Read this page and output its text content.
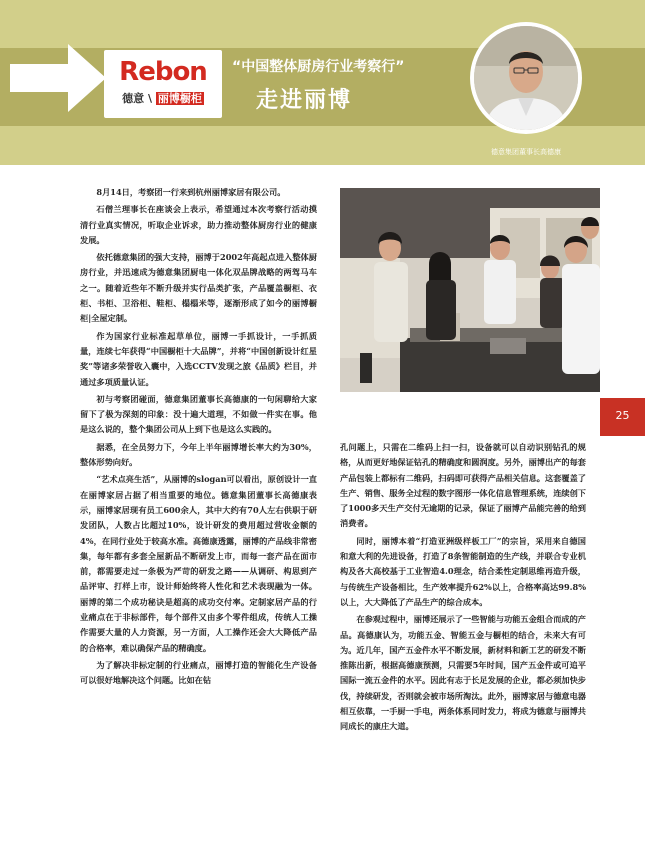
Rebon
德意 \ 丽博橱柜
“中国整体厨房行业考察行”
走进丽博
德意集团董事长高德康
25

8月14日，考察团一行来到杭州丽博家居有限公司。

石僧兰理事长在座谈会上表示，希望通过本次考察行活动摸清行业真实情况，听取企业诉求，助力推动整体厨房行业的健康发展。

依托德意集团的强大支持，丽博于2002年高起点进入整体厨房行业，并迅速成为德意集团厨电一体化双品牌战略的两驾马车之一。随着近些年不断升级并实行品类扩张，产品覆盖橱柜、衣柜、书柜、卫浴柜、鞋柜、榻榻米等，逐渐形成了如今的丽博橱柜|全屋定制。

作为国家行业标准起草单位，丽博一手抓设计，一手抓质量，连续七年获得“中国橱柜十大品牌”，并将“中国创新设计红星奖”等诸多荣誉收入囊中，入选CCTV发现之旅《品质》栏目，并通过多项质量认证。

初与考察团碰面，德意集团董事长高德康的一句闲聊给大家留下了极为深刻的印象：没十遍大道理，不如做一件实在事。他是这么说的，整个集团公司从上到下也是这么实践的。

据悉，在全员努力下，今年上半年丽博增长率大约为30%，整体形势向好。

“艺术点亮生活”，从丽博的slogan可以看出，原创设计一直在丽博家居占据了相当重要的地位。德意集团董事长高德康表示，丽博家居现有员工600余人，其中大约有70人左右供职于研发团队，人数占比超过10%，设计研发的费用超过营收金额的4%，在同行业处于较高水准。高德康透露，丽博的产品线非常密集，每年都有多套全屋新品不断研发上市，而每一套产品在面市前，都需要走过一条极为严苛的研发之路——从调研、构思到产品评审、打样上市，设计师始终将人性化和艺术表现融为一体。丽博的第二个成功秘诀是超高的成功交付率。定制家居产品的行业痛点在于非标部件，每个部件又由多个零件组成，传统人工操作需要大量的人力资源，另一方面，人工操作还会大大降低产品的合格率，难以确保产品的精确度。

为了解决非标定制的行业痛点，丽博打造的智能化生产设备可以很好地解决这个问题。比如在钻

孔问题上，只需在二维码上扫一扫，设备就可以自动识别钻孔的规格，从而更好地保证钻孔的精确度和圆润度。另外，丽博出产的每套产品包装上都标有二维码，扫码即可获得产品相关信息。这套覆盖了生产、销售、服务全过程的数字图形一体化信息管理系统，连续创下了1000多天生产交付无逾期的记录，保证了丽博产品能完善的给到消费者。

同时，丽博本着“打造亚洲级样板工厂”的宗旨，采用来自德国和意大利的先进设备，打造了8条智能制造的生产线，并联合专业机构及各大高校基于工业智造4.0理念，结合柔性定制思维再造升级，与传统生产设备相比，生产效率提升62%以上，合格率高达99.8%以上，大大降低了产品生产的综合成本。

在参观过程中，丽博还展示了一些智能与功能五金组合而成的产品。高德康认为，功能五金、智能五金与橱柜的结合，未来大有可为。近几年，国产五金件水平不断发展，新材料和新工艺的研发不断推陈出新，根据高德康预测，只需要5年时间，国产五金件或可追平国际一流五金件的水平。因此有志于长足发展的企业，都必须加快步伐，持续研发，否则就会被市场所淘汰。此外，丽博家居与德意电器相互依靠，一手厨一手电，两条体系同时发力，将成为德意与丽博共同成长的康庄大道。
